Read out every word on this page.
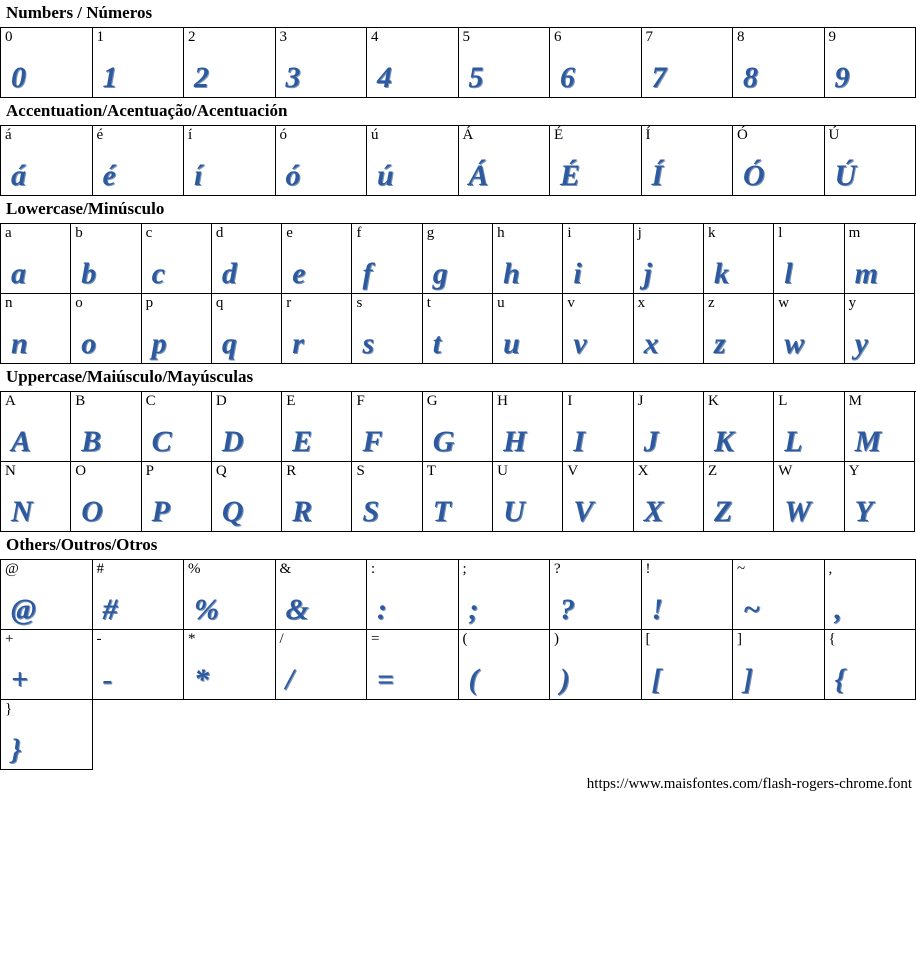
Numbers / Números
0
0
1
1
2
2
3
3
4
4
5
5
6
6
7
7
8
8
9
9
Accentuation/Acentuação/Acentuación
á
á
é
é
í
í
ó
ó
ú
ú
Á
Á
É
É
Í
Í
Ó
Ó
Ú
Ú
Lowercase/Minúsculo
a
a
b
b
c
c
d
d
e
e
f
f
g
g
h
h
i
i
j
j
k
k
l
l
m
m
n
n
o
o
p
p
q
q
r
r
s
s
t
t
u
u
v
v
x
x
z
z
w
w
y
y
Uppercase/Maiúsculo/Mayúsculas
A
A
B
B
C
C
D
D
E
E
F
F
G
G
H
H
I
I
J
J
K
K
L
L
M
M
N
N
O
O
P
P
Q
Q
R
R
S
S
T
T
U
U
V
V
X
X
Z
Z
W
W
Y
Y
Others/Outros/Otros
@
@
#
#
%
%
&
&
:
:
;
;
?
?
!
!
~
~
,
,
+
+
-
-
*
*
/
/
=
=
(
(
)
)
[
[
]
]
{
{
}
}
https://www.maisfontes.com/flash-rogers-chrome.font
